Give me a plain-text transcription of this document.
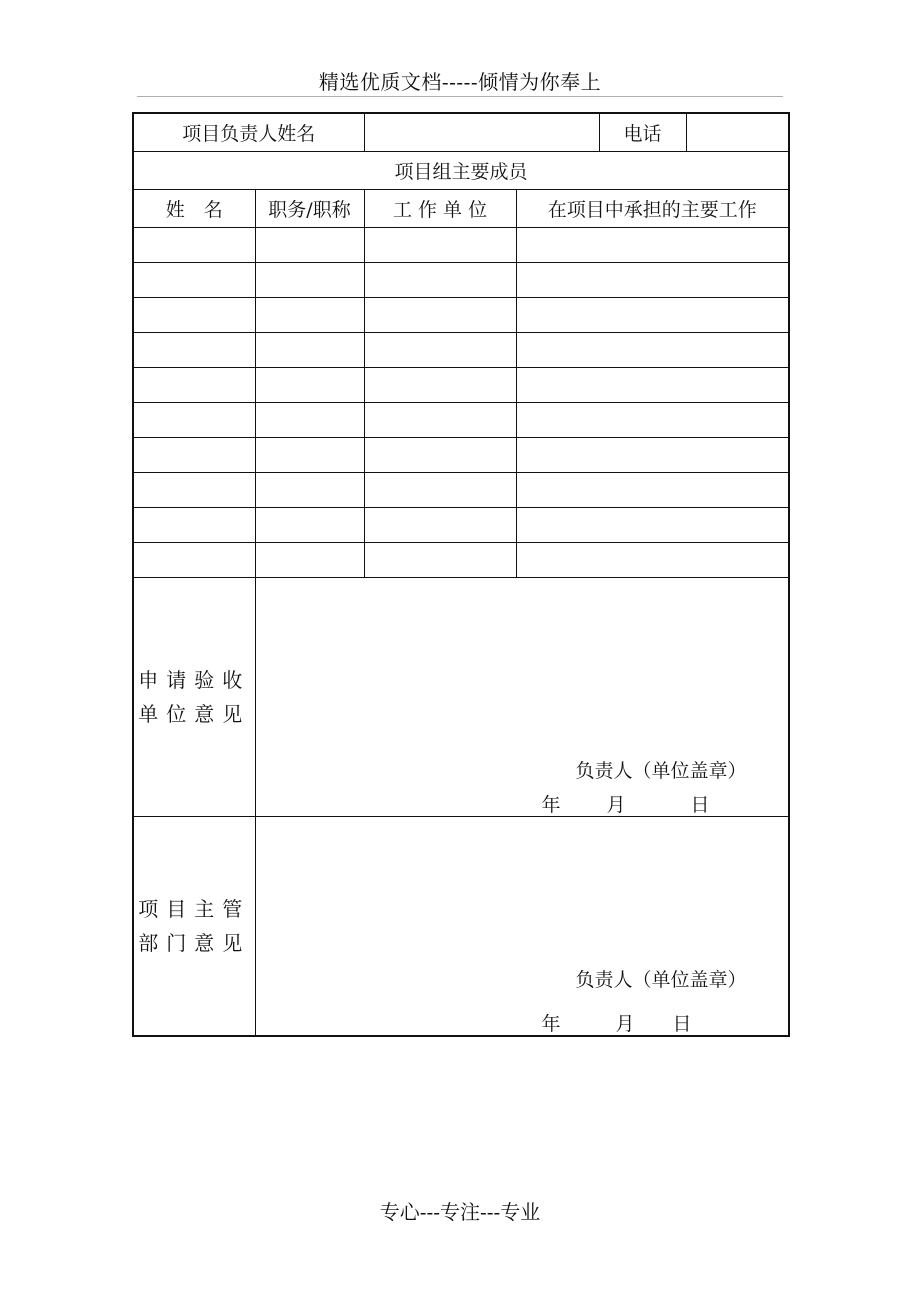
精选优质文档-----倾情为你奉上
项目负责人姓名				电话	
项目组主要成员					
姓　名	职务/职称	工 作 单 位	在项目中承担的主要工作		

申请验收
单位意见	负责人（单位盖章）
年 月 日				

项目主管
部门意见	负责人（单位盖章）
年 月 日				
专心---专注---专业
